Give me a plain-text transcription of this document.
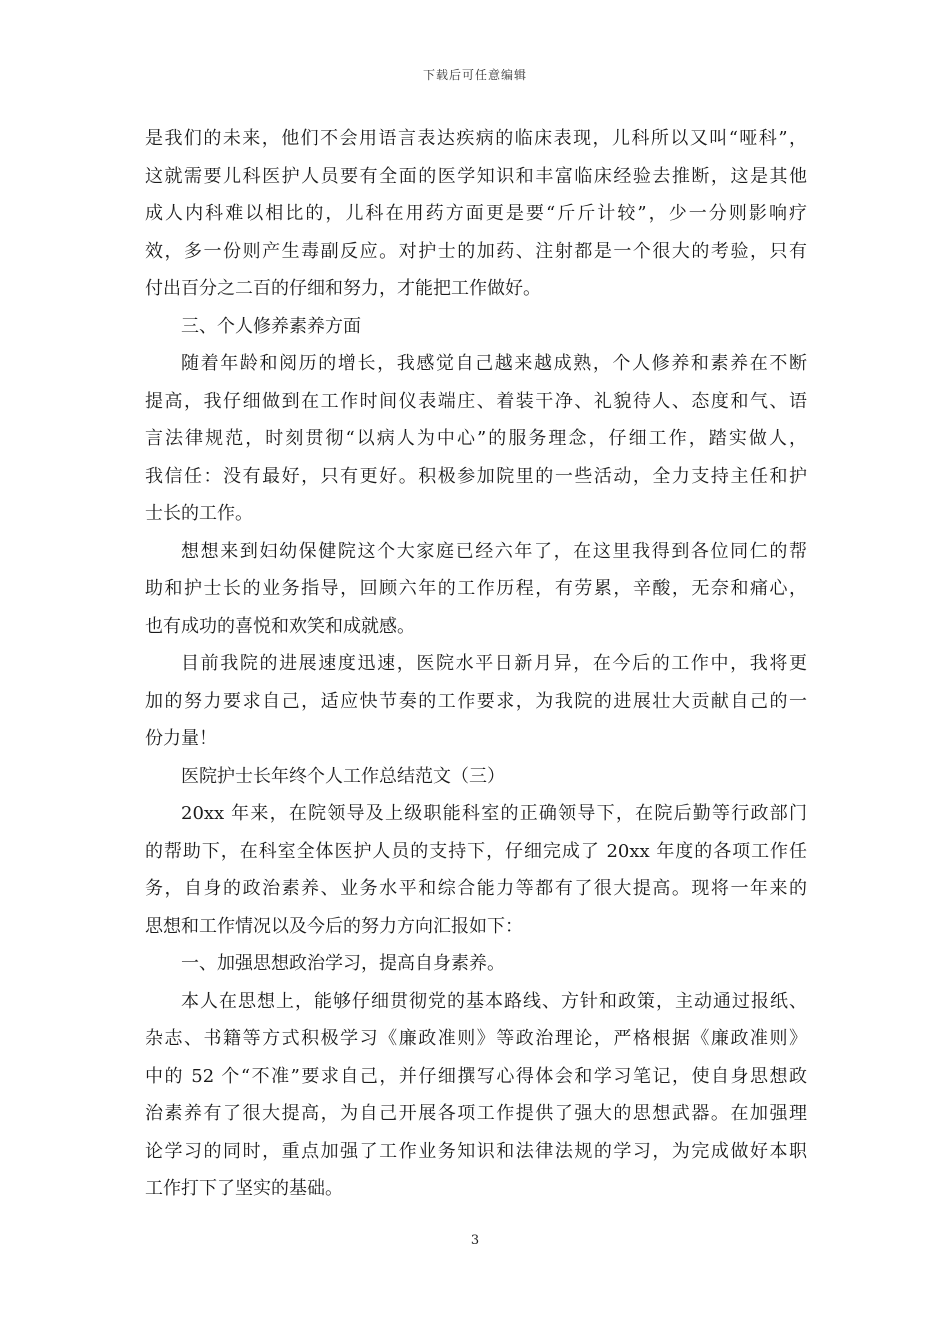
下载后可任意编辑
是我们的未来，他们不会用语言表达疾病的临床表现，儿科所以又叫“哑科”，
这就需要儿科医护人员要有全面的医学知识和丰富临床经验去推断，这是其他
成人内科难以相比的，儿科在用药方面更是要“斤斤计较”，少一分则影响疗
效，多一份则产生毒副反应。对护士的加药、注射都是一个很大的考验，只有
付出百分之二百的仔细和努力，才能把工作做好。
三、个人修养素养方面
随着年龄和阅历的增长，我感觉自己越来越成熟，个人修养和素养在不断
提高，我仔细做到在工作时间仪表端庄、着装干净、礼貌待人、态度和气、语
言法律规范，时刻贯彻“以病人为中心”的服务理念，仔细工作，踏实做人，
我信任：没有最好，只有更好。积极参加院里的一些活动，全力支持主任和护
士长的工作。
想想来到妇幼保健院这个大家庭已经六年了，在这里我得到各位同仁的帮
助和护士长的业务指导，回顾六年的工作历程，有劳累，辛酸，无奈和痛心，
也有成功的喜悦和欢笑和成就感。
目前我院的进展速度迅速，医院水平日新月异，在今后的工作中，我将更
加的努力要求自己，适应快节奏的工作要求，为我院的进展壮大贡献自己的一
份力量！
医院护士长年终个人工作总结范文（三）
20xx 年来，在院领导及上级职能科室的正确领导下，在院后勤等行政部门
的帮助下，在科室全体医护人员的支持下，仔细完成了 20xx 年度的各项工作任
务，自身的政治素养、业务水平和综合能力等都有了很大提高。现将一年来的
思想和工作情况以及今后的努力方向汇报如下：
一、加强思想政治学习，提高自身素养。
本人在思想上，能够仔细贯彻党的基本路线、方针和政策，主动通过报纸、
杂志、书籍等方式积极学习《廉政准则》等政治理论，严格根据《廉政准则》
中的 52 个“不准”要求自己，并仔细撰写心得体会和学习笔记，使自身思想政
治素养有了很大提高，为自己开展各项工作提供了强大的思想武器。在加强理
论学习的同时，重点加强了工作业务知识和法律法规的学习，为完成做好本职
工作打下了坚实的基础。
3
